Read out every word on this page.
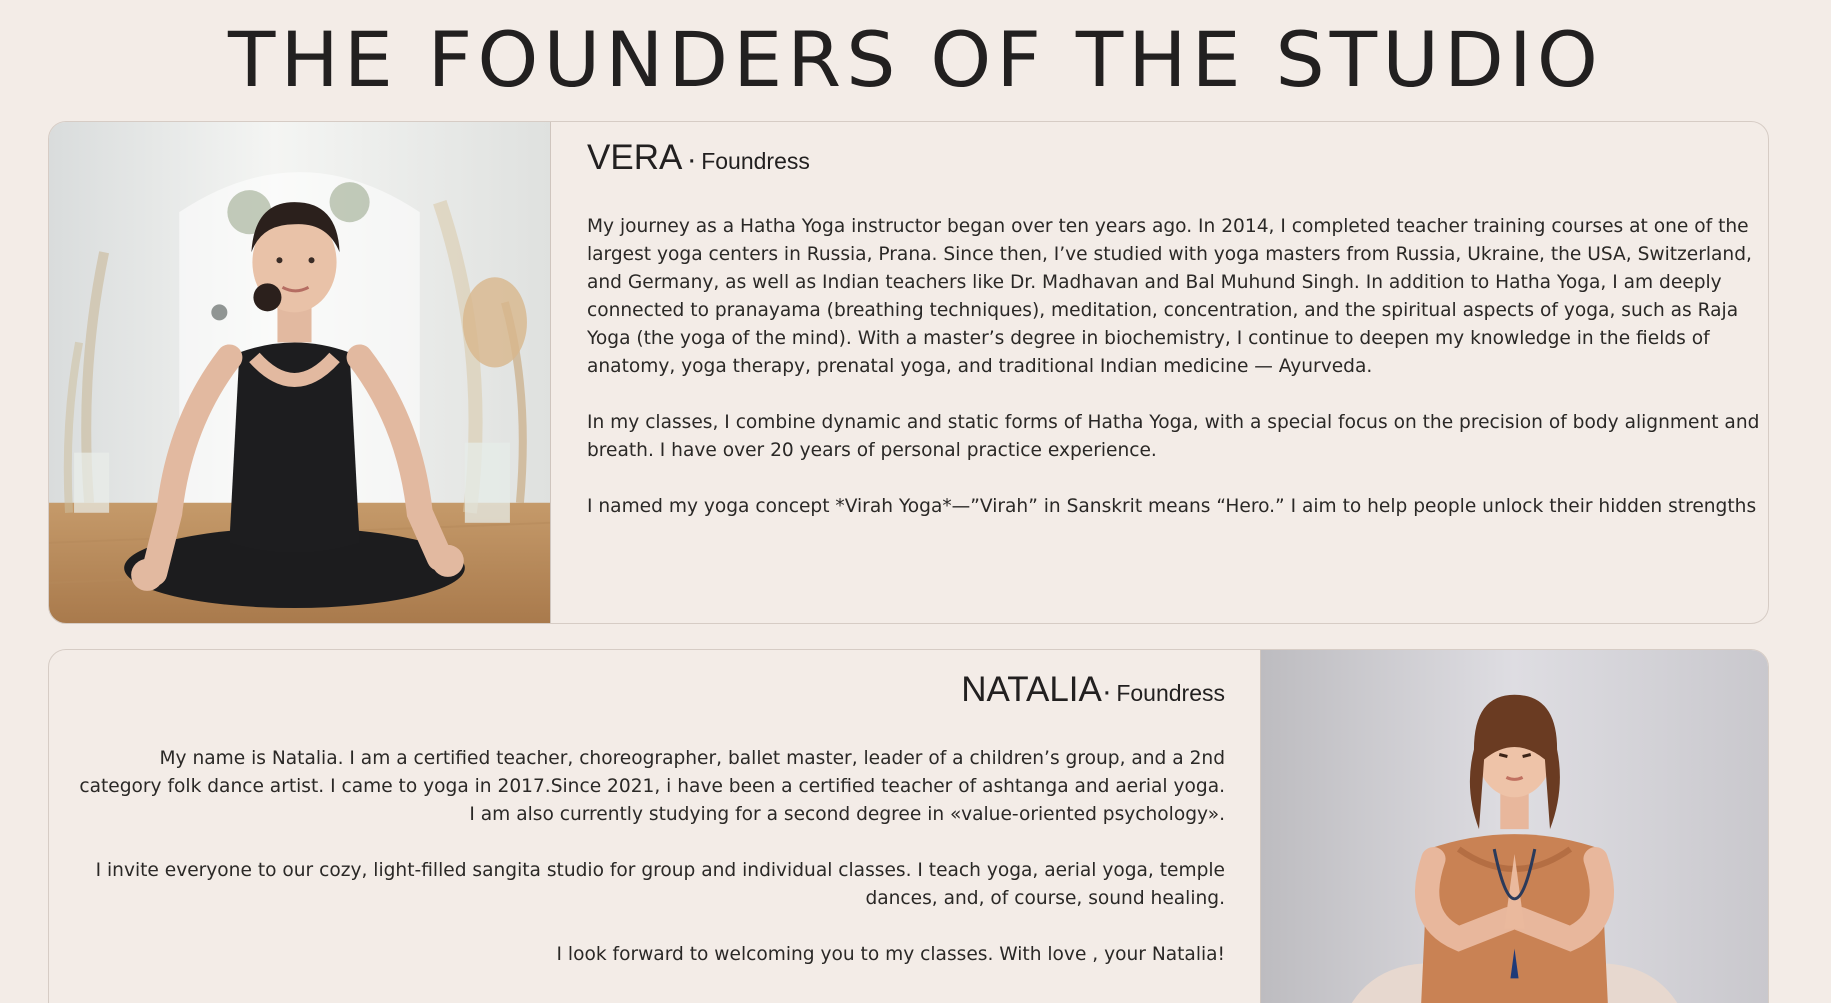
THE FOUNDERS OF THE STUDIO

VERA · Foundress

My journey as a Hatha Yoga instructor began over ten years ago. In 2014, I completed teacher training courses at one of the largest yoga centers in Russia, Prana. Since then, I’ve studied with yoga masters from Russia, Ukraine, the USA, Switzerland, and Germany, as well as Indian teachers like Dr. Madhavan and Bal Muhund Singh. In addition to Hatha Yoga, I am deeply connected to pranayama (breathing techniques), meditation, concentration, and the spiritual aspects of yoga, such as Raja Yoga (the yoga of the mind). With a master’s degree in biochemistry, I continue to deepen my knowledge in the fields of anatomy, yoga therapy, prenatal yoga, and traditional Indian medicine — Ayurveda.

In my classes, I combine dynamic and static forms of Hatha Yoga, with a special focus on the precision of body alignment and breath. I have over 20 years of personal practice experience.

I named my yoga concept *Virah Yoga*—”Virah” in Sanskrit means “Hero.” I aim to help people unlock their hidden strengths

NATALIA· Foundress

My name is Natalia. I am a certified teacher, choreographer, ballet master, leader of a children’s group, and a 2nd category folk dance artist. I came to yoga in 2017.Since 2021, i have been a certified teacher of ashtanga and aerial yoga. I am also currently studying for a second degree in «value-oriented psychology».

I invite everyone to our cozy, light-filled sangita studio for group and individual classes. I teach yoga, aerial yoga, temple dances, and, of course, sound healing.

I look forward to welcoming you to my classes. With love , your Natalia!
